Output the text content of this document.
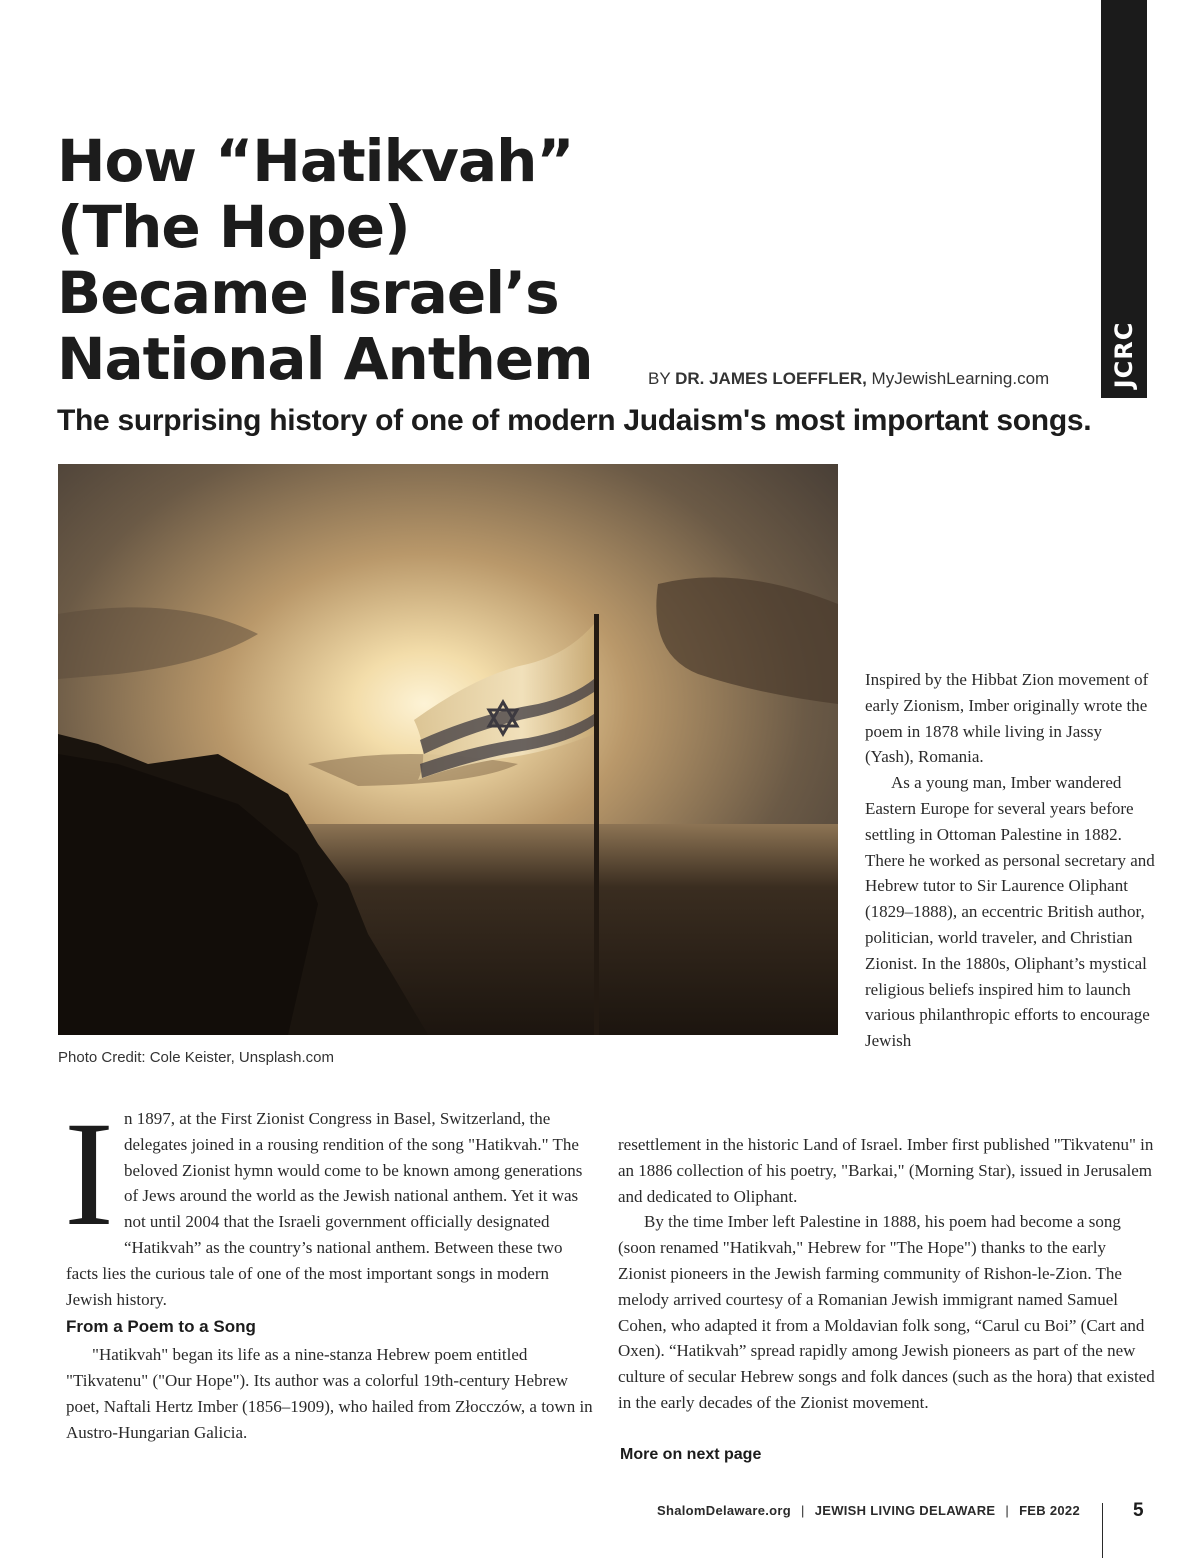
JCRC
How “Hatikvah”
(The Hope)
Became Israel’s
National Anthem	BY DR. JAMES LOEFFLER, MyJewishLearning.com
The surprising history of one of modern Judaism's most important songs.
Photo Credit: Cole Keister, Unsplash.com

Inspired by the Hibbat Zion movement of early Zionism, Imber originally wrote the poem in 1878 while living in Jassy (Yash), Romania.

As a young man, Imber wandered Eastern Europe for several years before settling in Ottoman Palestine in 1882. There he worked as personal secretary and Hebrew tutor to Sir Laurence Oliphant (1829–1888), an eccentric British author, politician, world traveler, and Christian Zionist. In the 1880s, Oliphant’s mystical religious beliefs inspired him to launch various philanthropic efforts to encourage Jewish

I n 1897, at the First Zionist Congress in Basel, Switzerland, the delegates joined in a rousing rendition of the song "Hatikvah." The beloved Zionist hymn would come to be known among generations of Jews around the world as the Jewish national anthem. Yet it was not until 2004 that the Israeli government officially designated “Hatikvah” as the country’s national anthem. Between these two facts lies the curious tale of one of the most important songs in modern Jewish history.

From a Poem to a Song

"Hatikvah" began its life as a nine-stanza Hebrew poem entitled "Tikvatenu" ("Our Hope"). Its author was a colorful 19th-century Hebrew poet, Naftali Hertz Imber (1856–1909), who hailed from Złocczów, a town in Austro-Hungarian Galicia.

resettlement in the historic Land of Israel. Imber first published "Tikvatenu" in an 1886 collection of his poetry, "Barkai," (Morning Star), issued in Jerusalem and dedicated to Oliphant.

By the time Imber left Palestine in 1888, his poem had become a song (soon renamed "Hatikvah," Hebrew for "The Hope") thanks to the early Zionist pioneers in the Jewish farming community of Rishon-le-Zion. The melody arrived courtesy of a Romanian Jewish immigrant named Samuel Cohen, who adapted it from a Moldavian folk song, “Carul cu Boi” (Cart and Oxen). “Hatikvah” spread rapidly among Jewish pioneers as part of the new culture of secular Hebrew songs and folk dances (such as the hora) that existed in the early decades of the Zionist movement.

More on next page
ShalomDelaware.org | JEWISH LIVING DELAWARE | FEB 2022	5
